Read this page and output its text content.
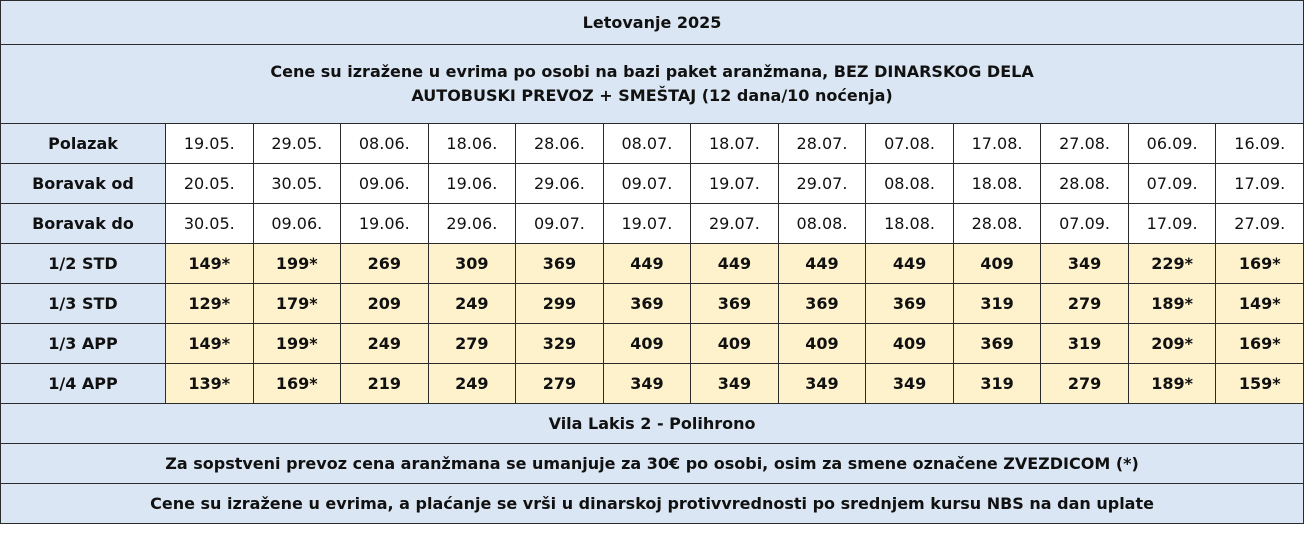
Letovanje 2025													

Cene su izražene u evrima po osobi na bazi paket aranžmana, BEZ DINARSKOG DELA
AUTOBUSKI PREVOZ + SMEŠTAJ (12 dana/10 noćenja)													

Polazak	19.05.	29.05.	08.06.	18.06.	28.06.	08.07.	18.07.	28.07.	07.08.	17.08.	27.08.	06.09.	16.09.
Boravak od	20.05.	30.05.	09.06.	19.06.	29.06.	09.07.	19.07.	29.07.	08.08.	18.08.	28.08.	07.09.	17.09.
Boravak do	30.05.	09.06.	19.06.	29.06.	09.07.	19.07.	29.07.	08.08.	18.08.	28.08.	07.09.	17.09.	27.09.
1/2 STD	149*	199*	269	309	369	449	449	449	449	409	349	229*	169*
1/3 STD	129*	179*	209	249	299	369	369	369	369	319	279	189*	149*
1/3 APP	149*	199*	249	279	329	409	409	409	409	369	319	209*	169*
1/4 APP	139*	169*	219	249	279	349	349	349	349	319	279	189*	159*
Vila Lakis 2 - Polihrono													
Za sopstveni prevoz cena aranžmana se umanjuje za 30€ po osobi, osim za smene označene ZVEZDICOM (*)													
Cene su izražene u evrima, a plaćanje se vrši u dinarskoj protivvrednosti po srednjem kursu NBS na dan uplate													
